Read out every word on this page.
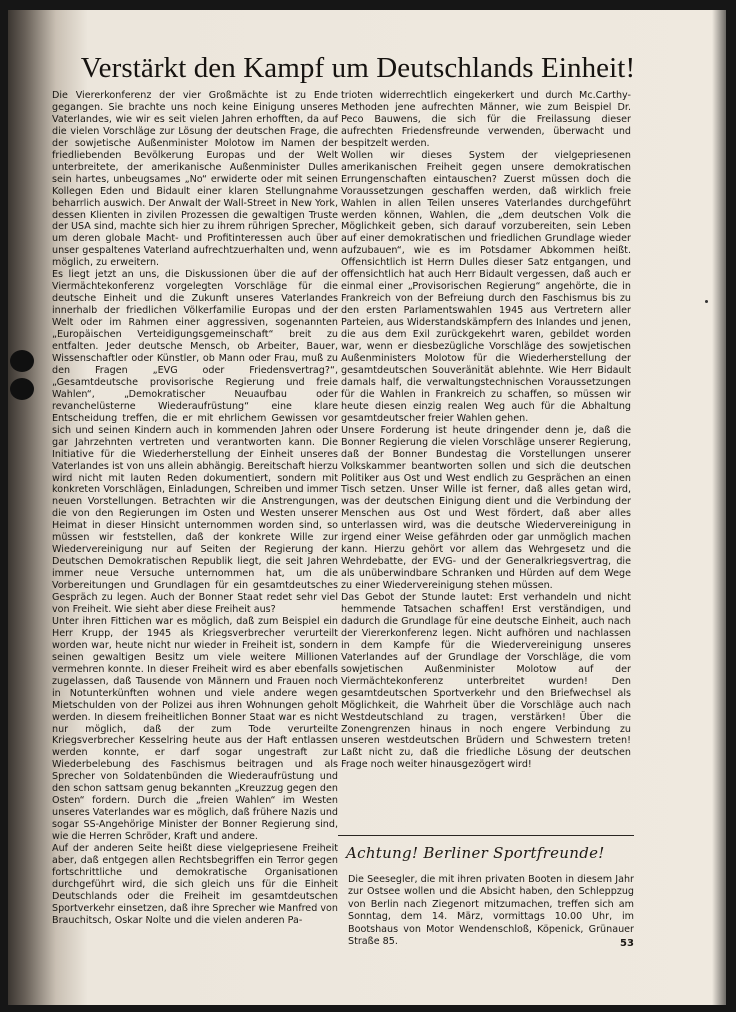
Verstärkt den Kampf um Deutschlands Einheit!

Die Viererkonferenz der vier Großmächte ist zu Ende gegangen. Sie brachte uns noch keine Einigung unseres Vaterlandes, wie wir es seit vielen Jahren erhofften, da auf die vielen Vorschläge zur Lösung der deutschen Frage, die der sowjetische Außenminister Molotow im Namen der friedliebenden Bevölkerung Europas und der Welt unterbreitete, der amerikanische Außenminister Dulles sein hartes, unbeugsames „No“ erwiderte oder mit seinen Kollegen Eden und Bidault einer klaren Stellungnahme beharrlich auswich. Der Anwalt der Wall-Street in New York, dessen Klienten in zivilen Prozessen die gewaltigen Truste der USA sind, machte sich hier zu ihrem rührigen Sprecher, um deren globale Macht- und Profitinteressen auch über unser gespaltenes Vaterland aufrechtzuerhalten und, wenn möglich, zu erweitern.

Es liegt jetzt an uns, die Diskussionen über die auf der Viermächtekonferenz vorgelegten Vorschläge für die deutsche Einheit und die Zukunft unseres Vaterlandes innerhalb der friedlichen Völkerfamilie Europas und der Welt oder im Rahmen einer aggressiven, sogenannten „Europäischen Verteidigungsgemeinschaft“ breit zu entfalten. Jeder deutsche Mensch, ob Arbeiter, Bauer, Wissenschaftler oder Künstler, ob Mann oder Frau, muß zu den Fragen „EVG oder Friedensvertrag?“, „Gesamtdeutsche provisorische Regierung und freie Wahlen“, „Demokratischer Neuaufbau oder revanchelüsterne Wiederaufrüstung“ eine klare Entscheidung treffen, die er mit ehrlichem Gewissen vor sich und seinen Kindern auch in kommenden Jahren oder gar Jahrzehnten vertreten und verantworten kann. Die Initiative für die Wiederherstellung der Einheit unseres Vaterlandes ist von uns allein abhängig. Bereitschaft hierzu wird nicht mit lauten Reden dokumentiert, sondern mit konkreten Vorschlägen, Einladungen, Schreiben und immer neuen Vorstellungen. Betrachten wir die Anstrengungen, die von den Regierungen im Osten und Westen unserer Heimat in dieser Hinsicht unternommen worden sind, so müssen wir feststellen, daß der konkrete Wille zur Wiedervereinigung nur auf Seiten der Regierung der Deutschen Demokratischen Republik liegt, die seit Jahren immer neue Versuche unternommen hat, um die Vorbereitungen und Grundlagen für ein gesamtdeutsches Gespräch zu legen. Auch der Bonner Staat redet sehr viel von Freiheit. Wie sieht aber diese Freiheit aus?

Unter ihren Fittichen war es möglich, daß zum Beispiel ein Herr Krupp, der 1945 als Kriegsverbrecher verurteilt worden war, heute nicht nur wieder in Freiheit ist, sondern seinen gewaltigen Besitz um viele weitere Millionen vermehren konnte. In dieser Freiheit wird es aber ebenfalls zugelassen, daß Tausende von Männern und Frauen noch in Notunterkünften wohnen und viele andere wegen Mietschulden von der Polizei aus ihren Wohnungen geholt werden. In diesem freiheitlichen Bonner Staat war es nicht nur möglich, daß der zum Tode verurteilte Kriegsverbrecher Kesselring heute aus der Haft entlassen werden konnte, er darf sogar ungestraft zur Wiederbelebung des Faschismus beitragen und als Sprecher von Soldatenbünden die Wiederaufrüstung und den schon sattsam genug bekannten „Kreuzzug gegen den Osten“ fordern. Durch die „freien Wahlen“ im Westen unseres Vaterlandes war es möglich, daß frühere Nazis und sogar SS-Angehörige Minister der Bonner Regierung sind, wie die Herren Schröder, Kraft und andere.

Auf der anderen Seite heißt diese vielgepriesene Freiheit aber, daß entgegen allen Rechtsbegriffen ein Terror gegen fortschrittliche und demokratische Organisationen durchgeführt wird, die sich gleich uns für die Einheit Deutschlands oder die Freiheit im gesamtdeutschen Sportverkehr einsetzen, daß ihre Sprecher wie Manfred von Brauchitsch, Oskar Nolte und die vielen anderen Pa-

trioten widerrechtlich eingekerkert und durch Mc.Carthy-Methoden jene aufrechten Männer, wie zum Beispiel Dr. Peco Bauwens, die sich für die Freilassung dieser aufrechten Friedensfreunde verwenden, überwacht und bespitzelt werden.

Wollen wir dieses System der vielgepriesenen amerikanischen Freiheit gegen unsere demokratischen Errungenschaften eintauschen? Zuerst müssen doch die Voraussetzungen geschaffen werden, daß wirklich freie Wahlen in allen Teilen unseres Vaterlandes durchgeführt werden können, Wahlen, die „dem deutschen Volk die Möglichkeit geben, sich darauf vorzubereiten, sein Leben auf einer demokratischen und friedlichen Grundlage wieder aufzubauen“, wie es im Potsdamer Abkommen heißt. Offensichtlich ist Herrn Dulles dieser Satz entgangen, und offensichtlich hat auch Herr Bidault vergessen, daß auch er einmal einer „Provisorischen Regierung“ angehörte, die in Frankreich von der Befreiung durch den Faschismus bis zu den ersten Parlamentswahlen 1945 aus Vertretern aller Parteien, aus Widerstandskämpfern des Inlandes und jenen, die aus dem Exil zurückgekehrt waren, gebildet worden war, wenn er diesbezügliche Vorschläge des sowjetischen Außenministers Molotow für die Wiederherstellung der gesamtdeutschen Souveränität ablehnte. Wie Herr Bidault damals half, die verwaltungstechnischen Voraussetzungen für die Wahlen in Frankreich zu schaffen, so müssen wir heute diesen einzig realen Weg auch für die Abhaltung gesamtdeutscher freier Wahlen gehen.

Unsere Forderung ist heute dringender denn je, daß die Bonner Regierung die vielen Vorschläge unserer Regierung, daß der Bonner Bundestag die Vorstellungen unserer Volkskammer beantworten sollen und sich die deutschen Politiker aus Ost und West endlich zu Gesprächen an einen Tisch setzen. Unser Wille ist ferner, daß alles getan wird, was der deutschen Einigung dient und die Verbindung der Menschen aus Ost und West fördert, daß aber alles unterlassen wird, was die deutsche Wiedervereinigung in irgend einer Weise gefährden oder gar unmöglich machen kann. Hierzu gehört vor allem das Wehrgesetz und die Wehrdebatte, der EVG- und der Generalkriegsvertrag, die als unüberwindbare Schranken und Hürden auf dem Wege zu einer Wiedervereinigung stehen müssen.

Das Gebot der Stunde lautet: Erst verhandeln und nicht hemmende Tatsachen schaffen! Erst verständigen, und dadurch die Grundlage für eine deutsche Einheit, auch nach der Viererkonferenz legen. Nicht aufhören und nachlassen in dem Kampfe für die Wiedervereinigung unseres Vaterlandes auf der Grundlage der Vorschläge, die vom sowjetischen Außenminister Molotow auf der Viermächtekonferenz unterbreitet wurden! Den gesamtdeutschen Sportverkehr und den Briefwechsel als Möglichkeit, die Wahrheit über die Vorschläge auch nach Westdeutschland zu tragen, verstärken! Über die Zonengrenzen hinaus in noch engere Verbindung zu unseren westdeutschen Brüdern und Schwestern treten! Laßt nicht zu, daß die friedliche Lösung der deutschen Frage noch weiter hinausgezögert wird!

Achtung! Berliner Sportfreunde!
Die Seesegler, die mit ihren privaten Booten in diesem Jahr zur Ostsee wollen und die Absicht haben, den Schleppzug von Berlin nach Ziegenort mitzumachen, treffen sich am Sonntag, dem 14. März, vormittags 10.00 Uhr, im Bootshaus von Motor Wendenschloß, Köpenick, Grünauer Straße 85.	53
